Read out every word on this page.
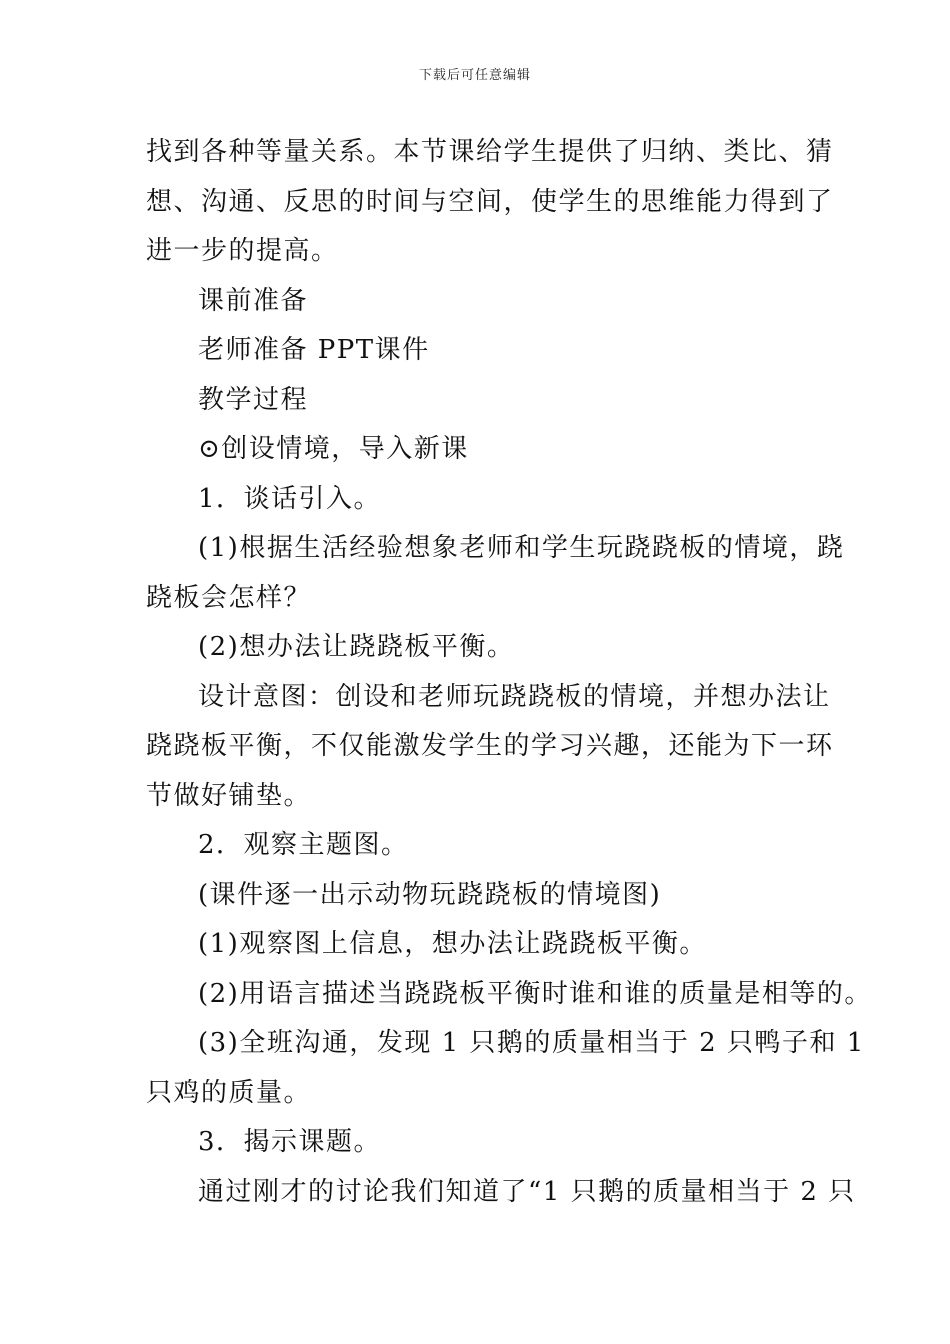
下载后可任意编辑

找到各种等量关系。本节课给学生提供了归纳、类比、猜

想、沟通、反思的时间与空间，使学生的思维能力得到了

进一步的提高。

课前准备

老师准备 PPT课件

教学过程

⊙创设情境，导入新课

1．谈话引入。

(1)根据生活经验想象老师和学生玩跷跷板的情境，跷

跷板会怎样？

(2)想办法让跷跷板平衡。

设计意图：创设和老师玩跷跷板的情境，并想办法让

跷跷板平衡，不仅能激发学生的学习兴趣，还能为下一环

节做好铺垫。

2．观察主题图。

(课件逐一出示动物玩跷跷板的情境图)

(1)观察图上信息，想办法让跷跷板平衡。

(2)用语言描述当跷跷板平衡时谁和谁的质量是相等的。

(3)全班沟通，发现 1 只鹅的质量相当于 2 只鸭子和 1

只鸡的质量。

3．揭示课题。

通过刚才的讨论我们知道了“1 只鹅的质量相当于 2 只
